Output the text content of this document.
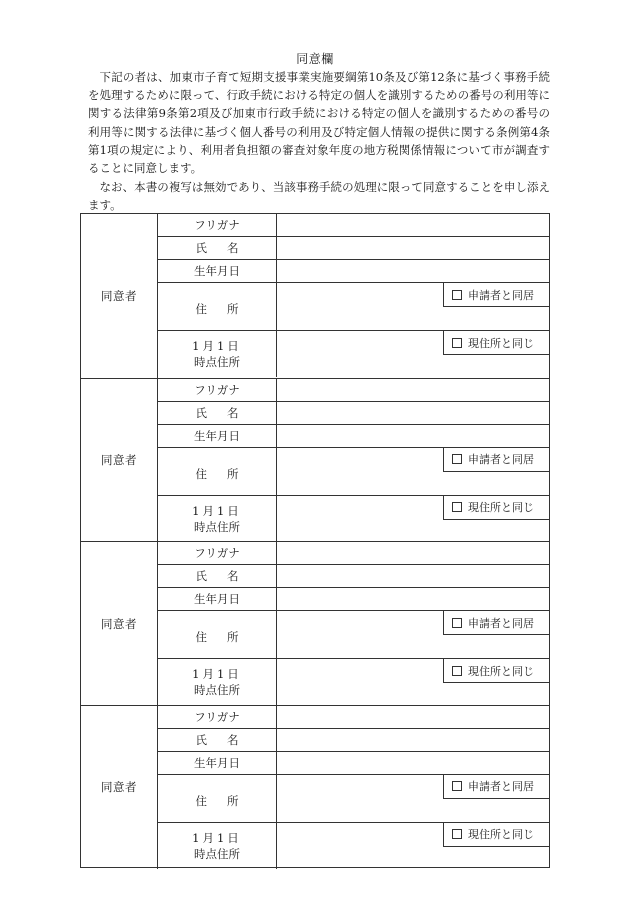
同意欄

下記の者は、加東市子育て短期支援事業実施要綱第10条及び第12条に基づく事務手続を処理するために限って、行政手続における特定の個人を識別するための番号の利用等に関する法律第9条第2項及び加東市行政手続における特定の個人を識別するための番号の利用等に関する法律に基づく個人番号の利用及び特定個人情報の提供に関する条例第4条第1項の規定により、利用者負担額の審査対象年度の地方税関係情報について市が調査することに同意します。

なお、本書の複写は無効であり、当該事務手続の処理に限って同意することを申し添えます。

同意者
フリガナ
氏名
生年月日
住所
申請者と同居
1月1日
時点住所
現住所と同じ
同意者
フリガナ
氏名
生年月日
住所
申請者と同居
1月1日
時点住所
現住所と同じ
同意者
フリガナ
氏名
生年月日
住所
申請者と同居
1月1日
時点住所
現住所と同じ
同意者
フリガナ
氏名
生年月日
住所
申請者と同居
1月1日
時点住所
現住所と同じ
